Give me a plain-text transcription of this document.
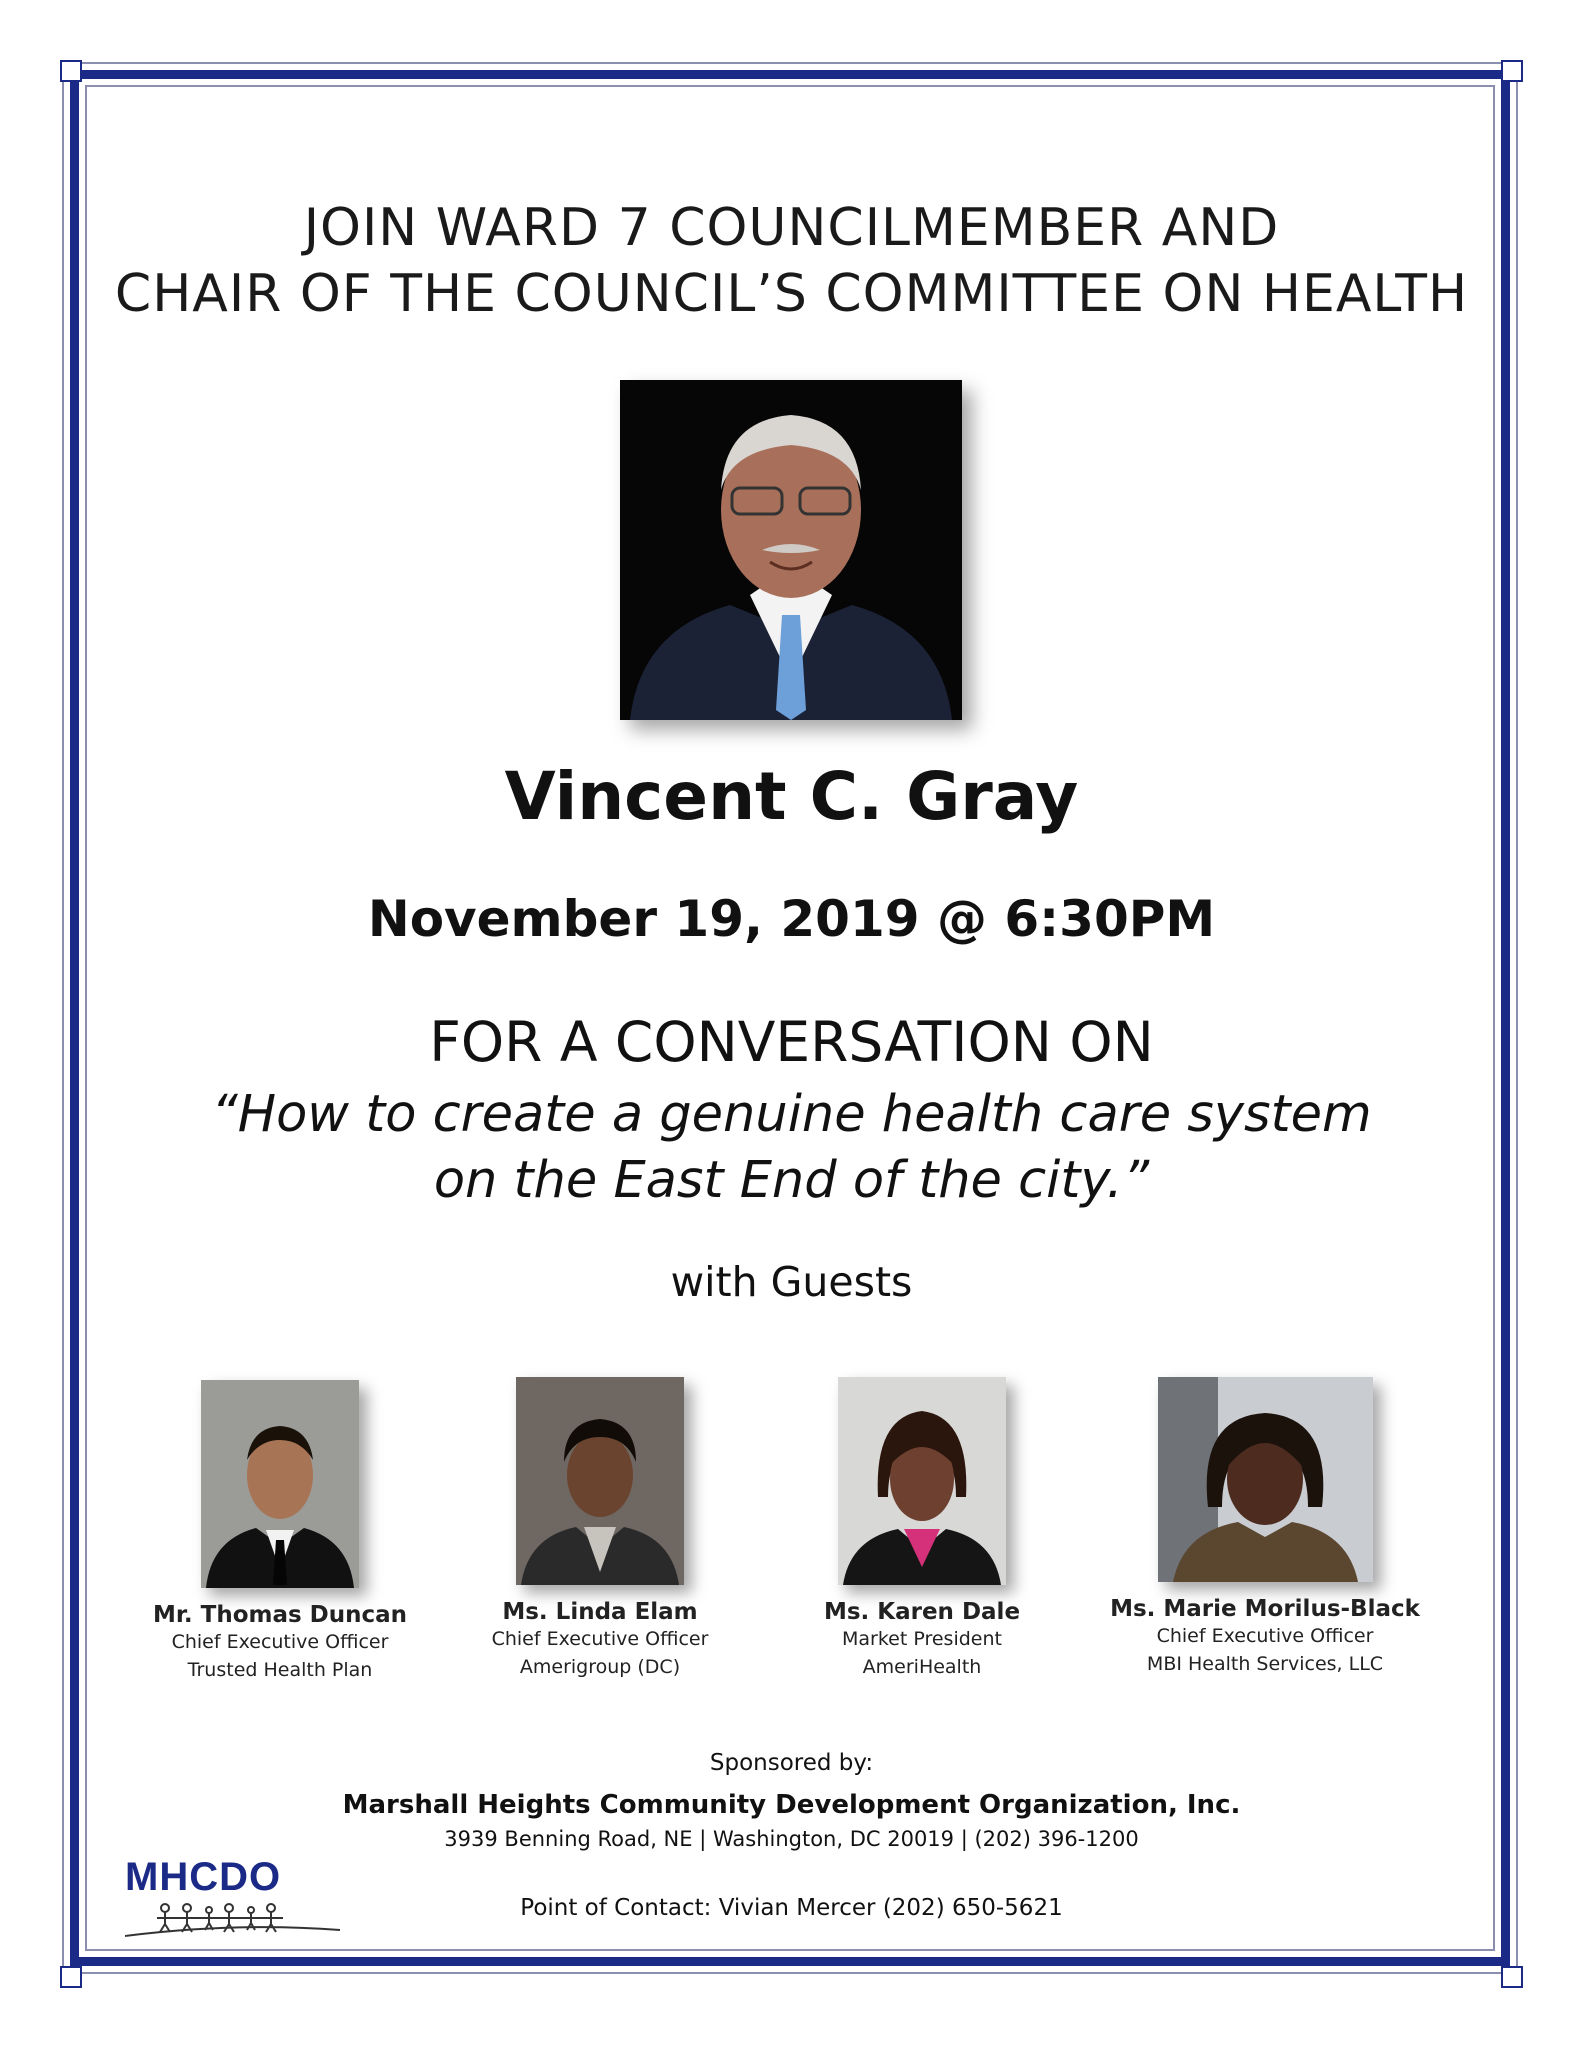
JOIN WARD 7 COUNCILMEMBER AND
CHAIR OF THE COUNCIL’S COMMITTEE ON HEALTH
Vincent C. Gray
November 19, 2019 @ 6:30PM
FOR A CONVERSATION ON
“How to create a genuine health care system
on the East End of the city.”
with Guests
Mr. Thomas Duncan
Chief Executive Officer
Trusted Health Plan
Ms. Linda Elam
Chief Executive Officer
Amerigroup (DC)
Ms. Karen Dale
Market President
AmeriHealth
Ms. Marie Morilus-Black
Chief Executive Officer
MBI Health Services, LLC
Sponsored by:
Marshall Heights Community Development Organization, Inc.
3939 Benning Road, NE | Washington, DC 20019 | (202) 396-1200
Point of Contact: Vivian Mercer (202) 650-5621
MHCDO
